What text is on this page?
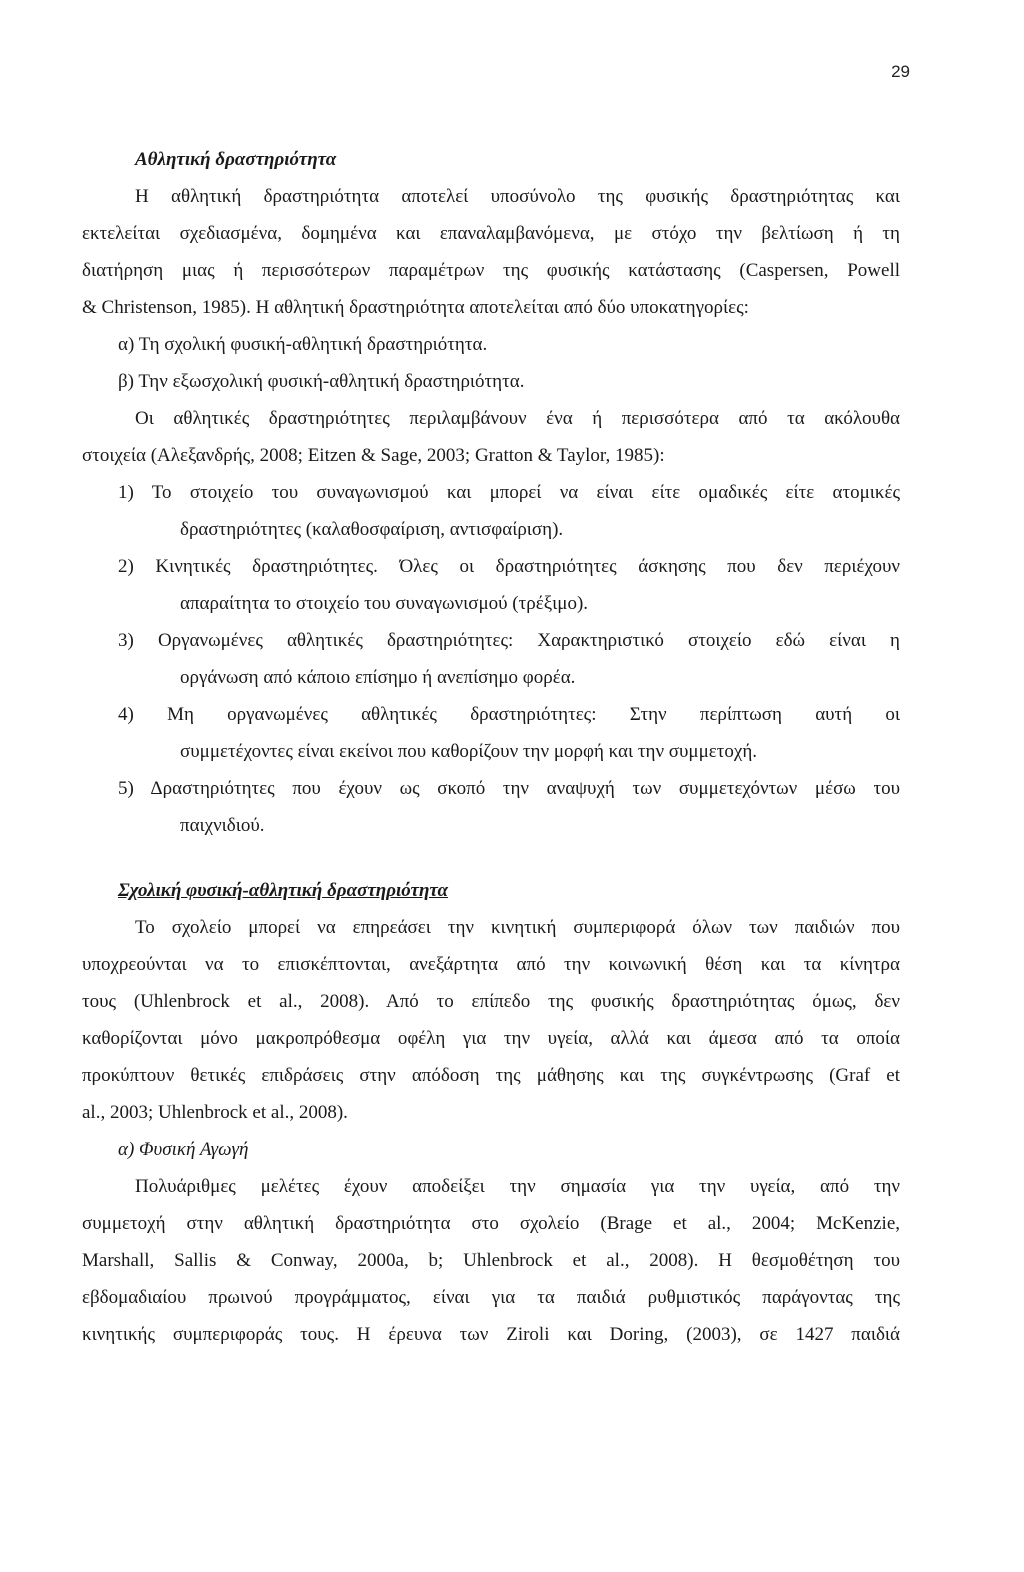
29
Αθλητική δραστηριότητα
Η αθλητική δραστηριότητα αποτελεί υποσύνολο της φυσικής δραστηριότητας και
εκτελείται σχεδιασμένα, δομημένα και επαναλαμβανόμενα, με στόχο την βελτίωση ή τη
διατήρηση μιας ή περισσότερων παραμέτρων της φυσικής κατάστασης (Caspersen, Powell
& Christenson, 1985). Η αθλητική δραστηριότητα αποτελείται από δύο υποκατηγορίες:
α) Τη σχολική φυσική-αθλητική δραστηριότητα.
β) Την εξωσχολική φυσική-αθλητική δραστηριότητα.
Οι αθλητικές δραστηριότητες περιλαμβάνουν ένα ή περισσότερα από τα ακόλουθα
στοιχεία (Αλεξανδρής, 2008; Eitzen & Sage, 2003; Gratton & Taylor, 1985):
1) Το στοιχείο του συναγωνισμού και μπορεί να είναι είτε ομαδικές είτε ατομικές
δραστηριότητες (καλαθοσφαίριση, αντισφαίριση).
2) Κινητικές δραστηριότητες. Όλες οι δραστηριότητες άσκησης που δεν περιέχουν
απαραίτητα το στοιχείο του συναγωνισμού (τρέξιμο).
3) Οργανωμένες αθλητικές δραστηριότητες: Χαρακτηριστικό στοιχείο εδώ είναι η
οργάνωση από κάποιο επίσημο ή ανεπίσημο φορέα.
4) Μη οργανωμένες αθλητικές δραστηριότητες: Στην περίπτωση αυτή οι
συμμετέχοντες είναι εκείνοι που καθορίζουν την μορφή και την συμμετοχή.
5) Δραστηριότητες που έχουν ως σκοπό την αναψυχή των συμμετεχόντων μέσω του
παιχνιδιού.
Σχολική φυσική-αθλητική δραστηριότητα
Το σχολείο μπορεί να επηρεάσει την κινητική συμπεριφορά όλων των παιδιών που
υποχρεούνται να το επισκέπτονται, ανεξάρτητα από την κοινωνική θέση και τα κίνητρα
τους (Uhlenbrock et al., 2008). Από το επίπεδο της φυσικής δραστηριότητας όμως, δεν
καθορίζονται μόνο μακροπρόθεσμα οφέλη για την υγεία, αλλά και άμεσα από τα οποία
προκύπτουν θετικές επιδράσεις στην απόδοση της μάθησης και της συγκέντρωσης (Graf et
al., 2003; Uhlenbrock et al., 2008).
α) Φυσική Αγωγή
Πολυάριθμες μελέτες έχουν αποδείξει την σημασία για την υγεία, από την
συμμετοχή στην αθλητική δραστηριότητα στο σχολείο (Brage et al., 2004; McKenzie,
Marshall, Sallis & Conway, 2000a, b; Uhlenbrock et al., 2008). Η θεσμοθέτηση του
εβδομαδιαίου πρωινού προγράμματος, είναι για τα παιδιά ρυθμιστικός παράγοντας της
κινητικής συμπεριφοράς τους. Η έρευνα των Ziroli και Doring, (2003), σε 1427 παιδιά
